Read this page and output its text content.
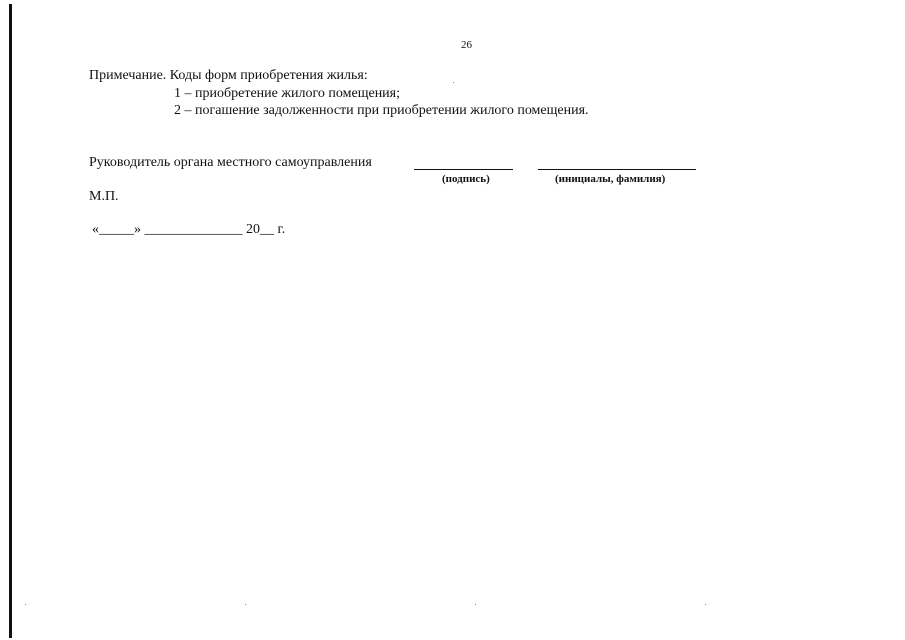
26
Примечание. Коды форм приобретения жилья:
1 – приобретение жилого помещения;
2 – погашение задолженности при приобретении жилого помещения.
Руководитель органа местного самоуправления
(подпись)	(инициалы, фамилия)
М.П.
«_____» ______________ 20__ г.
